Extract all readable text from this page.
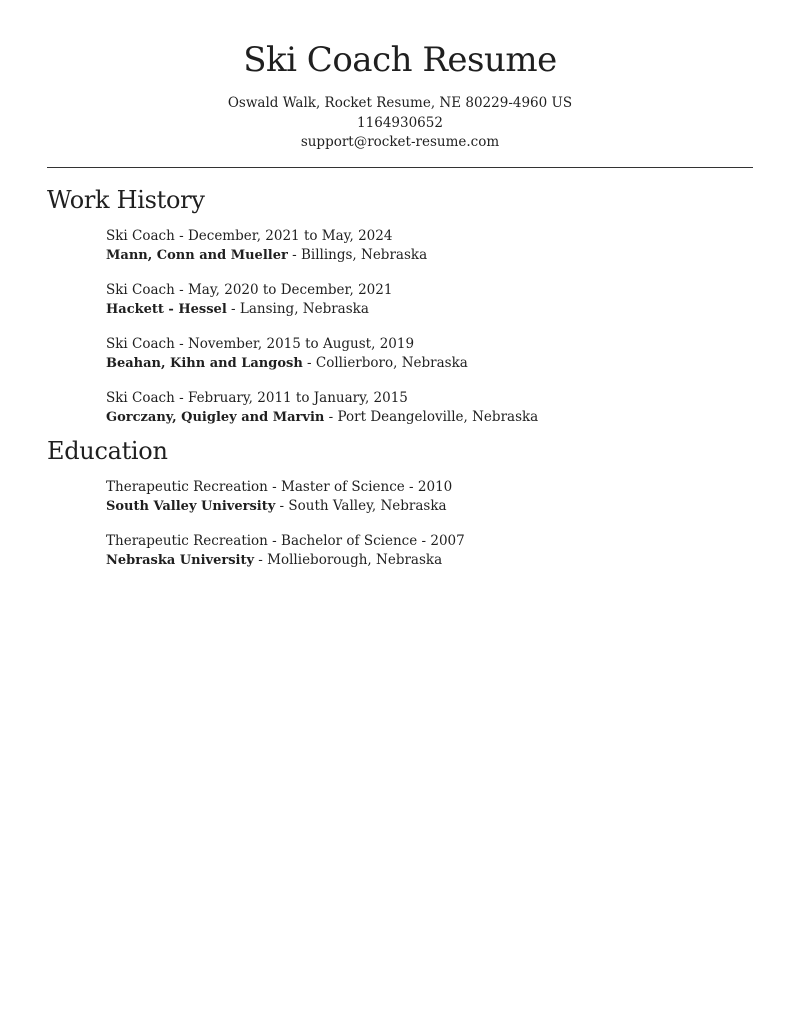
Ski Coach Resume
Oswald Walk, Rocket Resume, NE 80229-4960 US
1164930652
support@rocket-resume.com
Work History
Ski Coach - December, 2021 to May, 2024
Mann, Conn and Mueller - Billings, Nebraska
Ski Coach - May, 2020 to December, 2021
Hackett - Hessel - Lansing, Nebraska
Ski Coach - November, 2015 to August, 2019
Beahan, Kihn and Langosh - Collierboro, Nebraska
Ski Coach - February, 2011 to January, 2015
Gorczany, Quigley and Marvin - Port Deangeloville, Nebraska
Education
Therapeutic Recreation - Master of Science - 2010
South Valley University - South Valley, Nebraska
Therapeutic Recreation - Bachelor of Science - 2007
Nebraska University - Mollieborough, Nebraska
